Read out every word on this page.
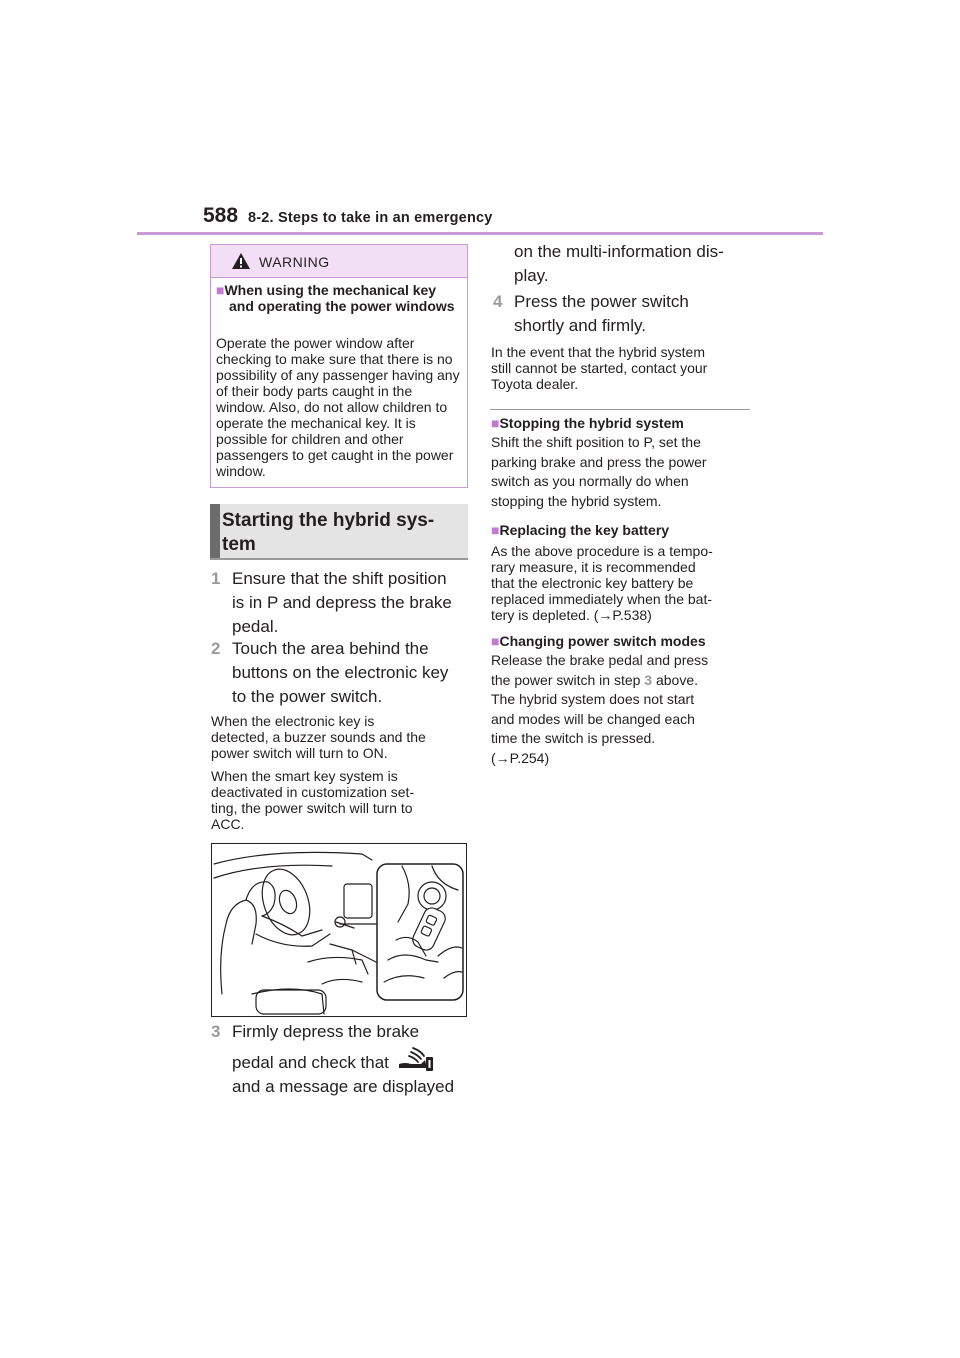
588 8-2. Steps to take in an emergency
WARNING
■When using the mechanical key and operating the power windows
Operate the power window after checking to make sure that there is no possibility of any passenger having any of their body parts caught in the window. Also, do not allow children to operate the mechanical key. It is possible for children and other passengers to get caught in the power window.
Starting the hybrid sys-
tem
1 Ensure that the shift position
is in P and depress the brake
pedal.
2 Touch the area behind the
buttons on the electronic key
to the power switch.
When the electronic key is
detected, a buzzer sounds and the
power switch will turn to ON.
When the smart key system is
deactivated in customization set-
ting, the power switch will turn to
ACC.
3 Firmly depress the brake
pedal and check that
and a message are displayed
on the multi-information dis-
play.
4 Press the power switch
shortly and firmly.
In the event that the hybrid system
still cannot be started, contact your
Toyota dealer.
■Stopping the hybrid system
Shift the shift position to P, set the
parking brake and press the power
switch as you normally do when
stopping the hybrid system.
■Replacing the key battery
As the above procedure is a tempo-
rary measure, it is recommended
that the electronic key battery be
replaced immediately when the bat-
tery is depleted. (→P.538)
■Changing power switch modes
Release the brake pedal and press
the power switch in step 3 above.
The hybrid system does not start
and modes will be changed each
time the switch is pressed.
(→P.254)
